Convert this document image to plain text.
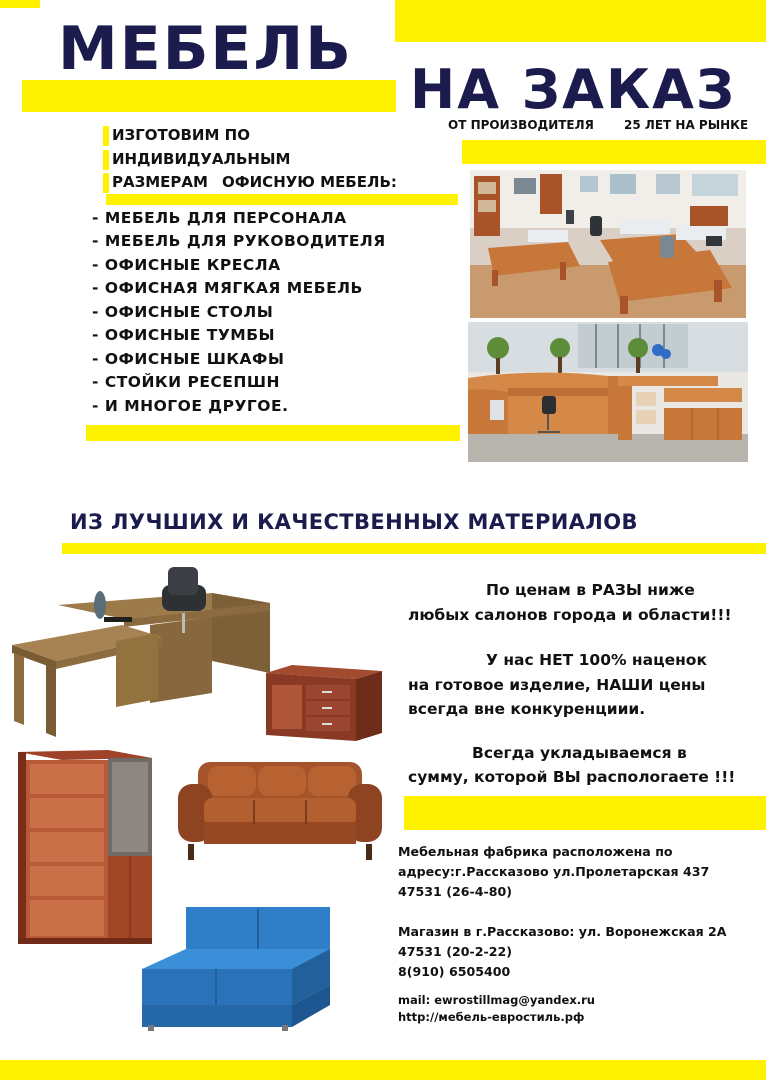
МЕБЕЛЬ
НА ЗАКАЗ
ОТ ПРОИЗВОДИТЕЛЯ	25 ЛЕТ НА РЫНКЕ
ИЗГОТОВИМ ПО
ИНДИВИДУАЛЬНЫМ
РАЗМЕРАМ ОФИСНУЮ МЕБЕЛЬ:
- МЕБЕЛЬ ДЛЯ ПЕРСОНАЛА
- МЕБЕЛЬ ДЛЯ РУКОВОДИТЕЛЯ
- ОФИСНЫЕ КРЕСЛА
- ОФИСНАЯ МЯГКАЯ МЕБЕЛЬ
- ОФИСНЫЕ СТОЛЫ
- ОФИСНЫЕ ТУМБЫ
- ОФИСНЫЕ ШКАФЫ
- СТОЙКИ РЕСЕПШН
- И МНОГОЕ ДРУГОЕ.
ИЗ ЛУЧШИХ И КАЧЕСТВЕННЫХ МАТЕРИАЛОВ
По ценам в РАЗЫ ниже
любых салонов города и области!!!
У нас НЕТ 100% наценок
на готовое изделие, НАШИ цены
всегда вне конкуренциии.
Всегда укладываемся в
сумму, которой ВЫ распологаете !!!
Мебельная фабрика расположена по
адресу:г.Рассказово ул.Пролетарская 437
47531 (26-4-80)
Магазин в г.Рассказово: ул. Воронежская 2А
47531 (20-2-22)
8(910) 6505400
mail: ewrostillmag@yandex.ru
http://мебель-евростиль.рф
